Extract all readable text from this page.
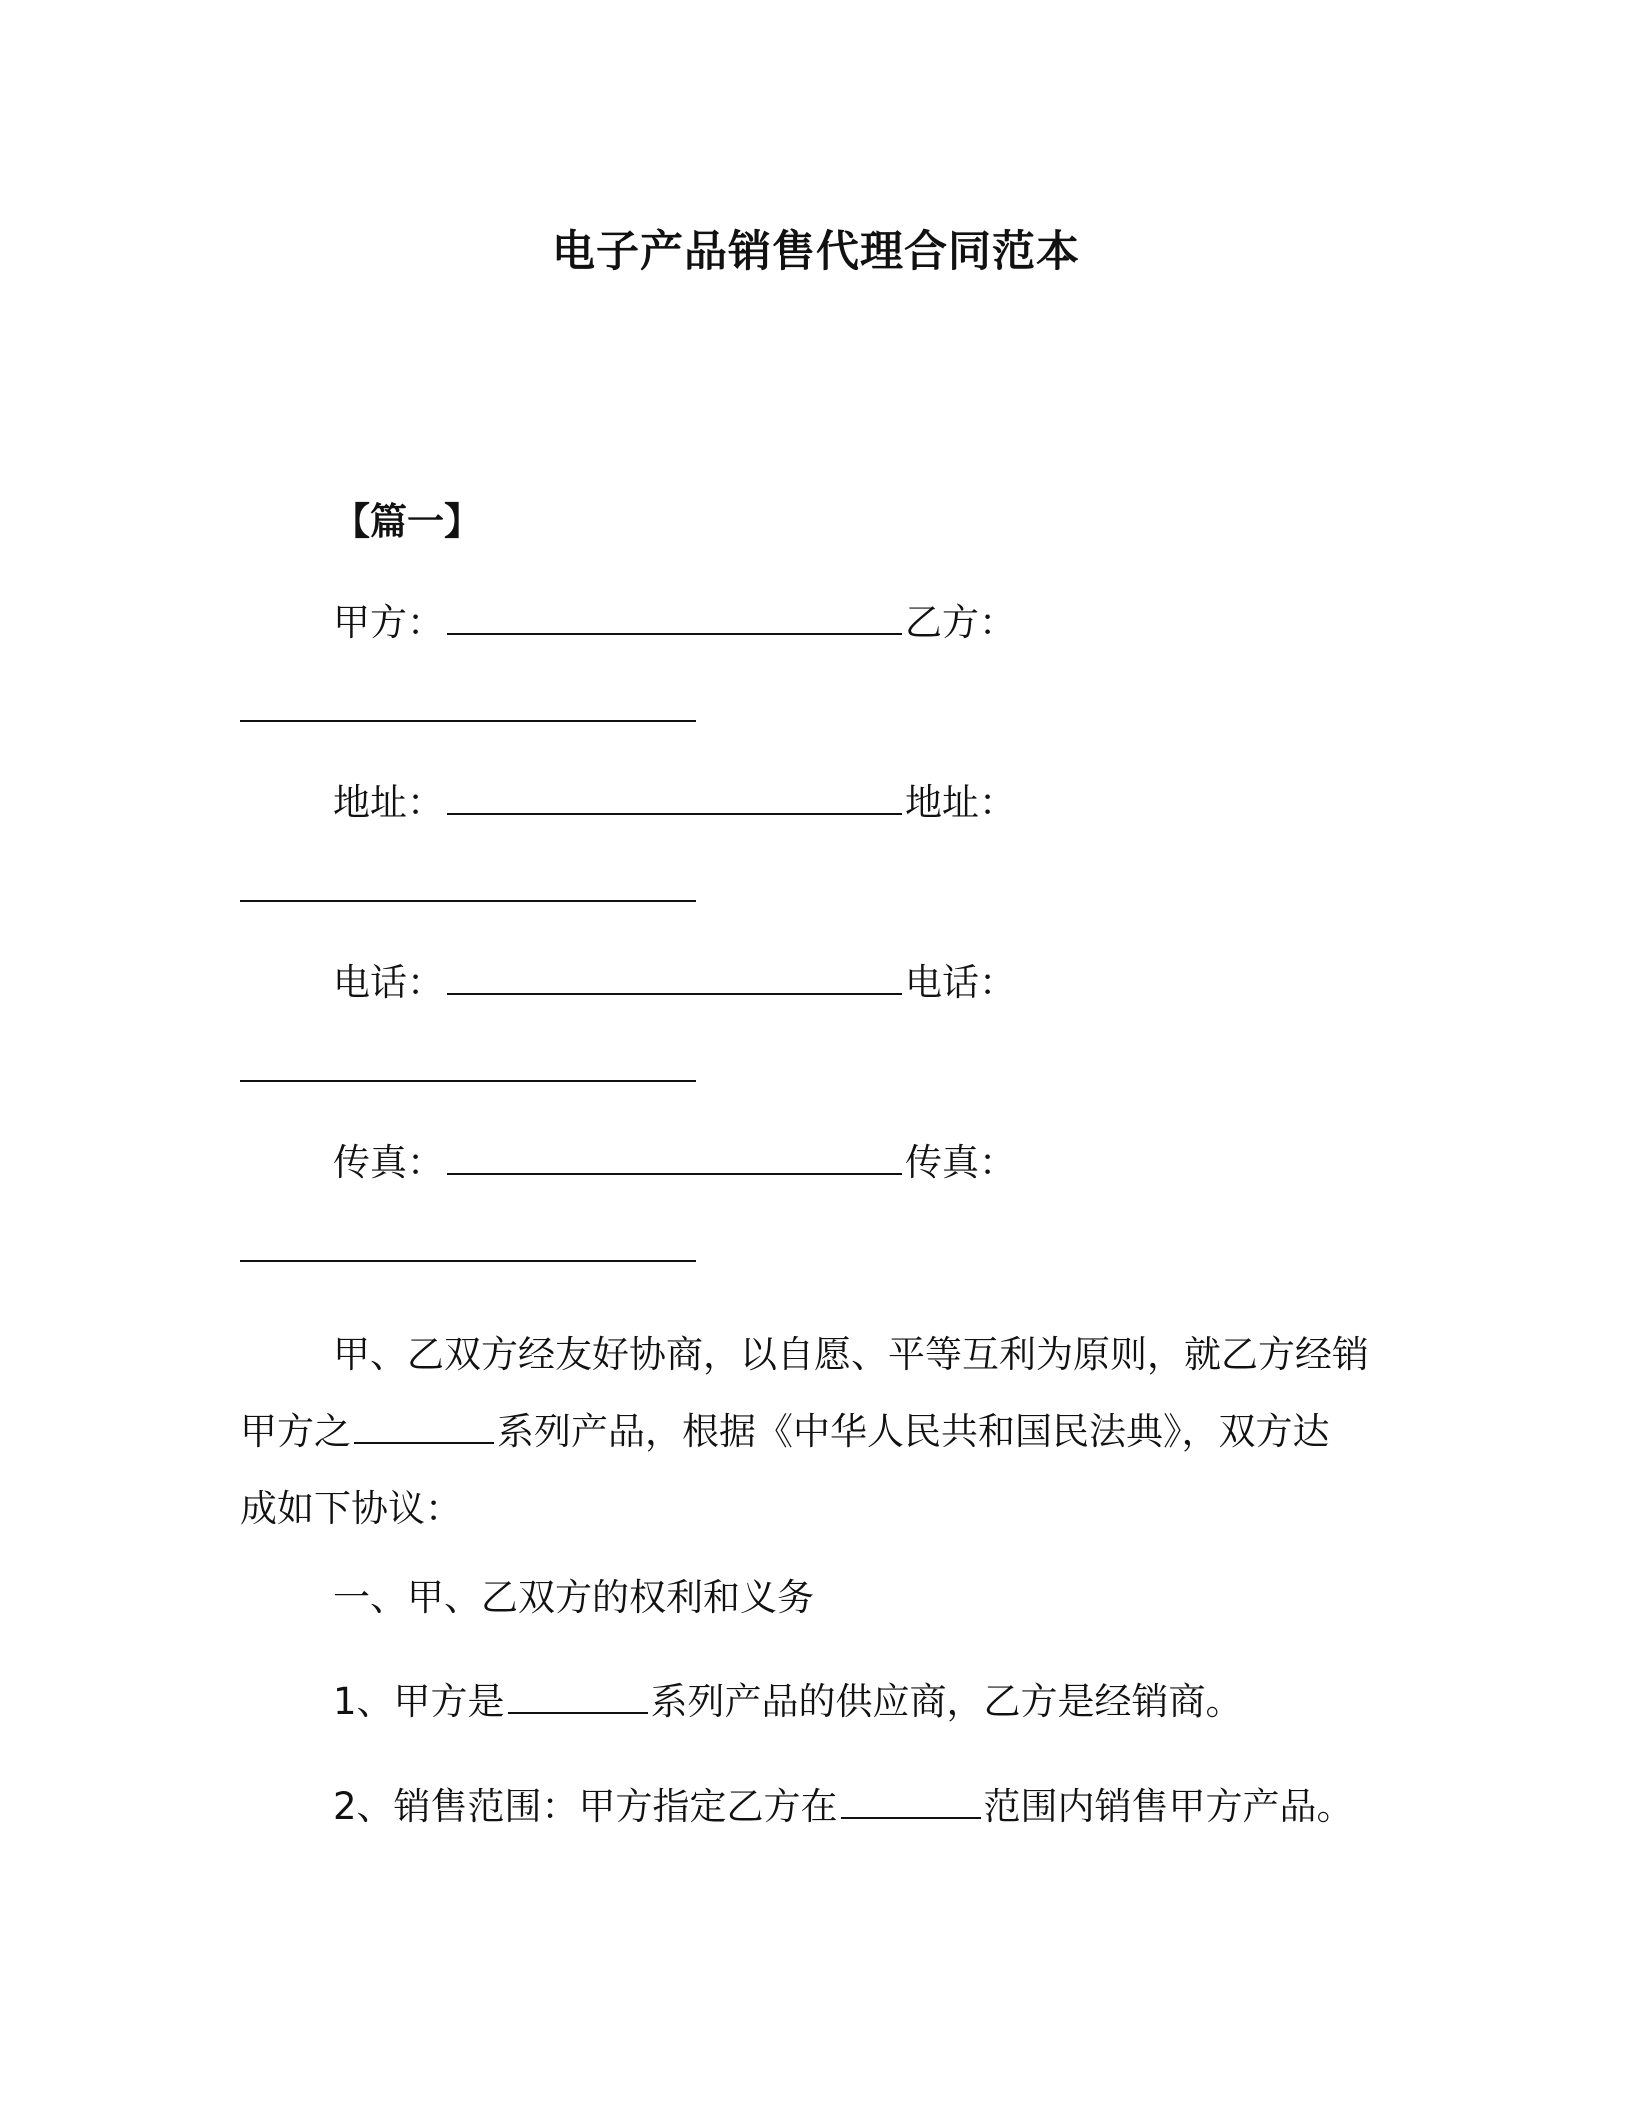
电子产品销售代理合同范本
【篇一】
甲方：	乙方：
地址：	地址：
电话：	电话：
传真：	传真：
甲、乙双方经友好协商，以自愿、平等互利为原则，就乙方经销
甲方之	系列产品，根据《中华人民共和国民法典》，双方达
成如下协议：
一、甲、乙双方的权利和义务
1、甲方是	系列产品的供应商，乙方是经销商。
2、销售范围：甲方指定乙方在	范围内销售甲方产品。
